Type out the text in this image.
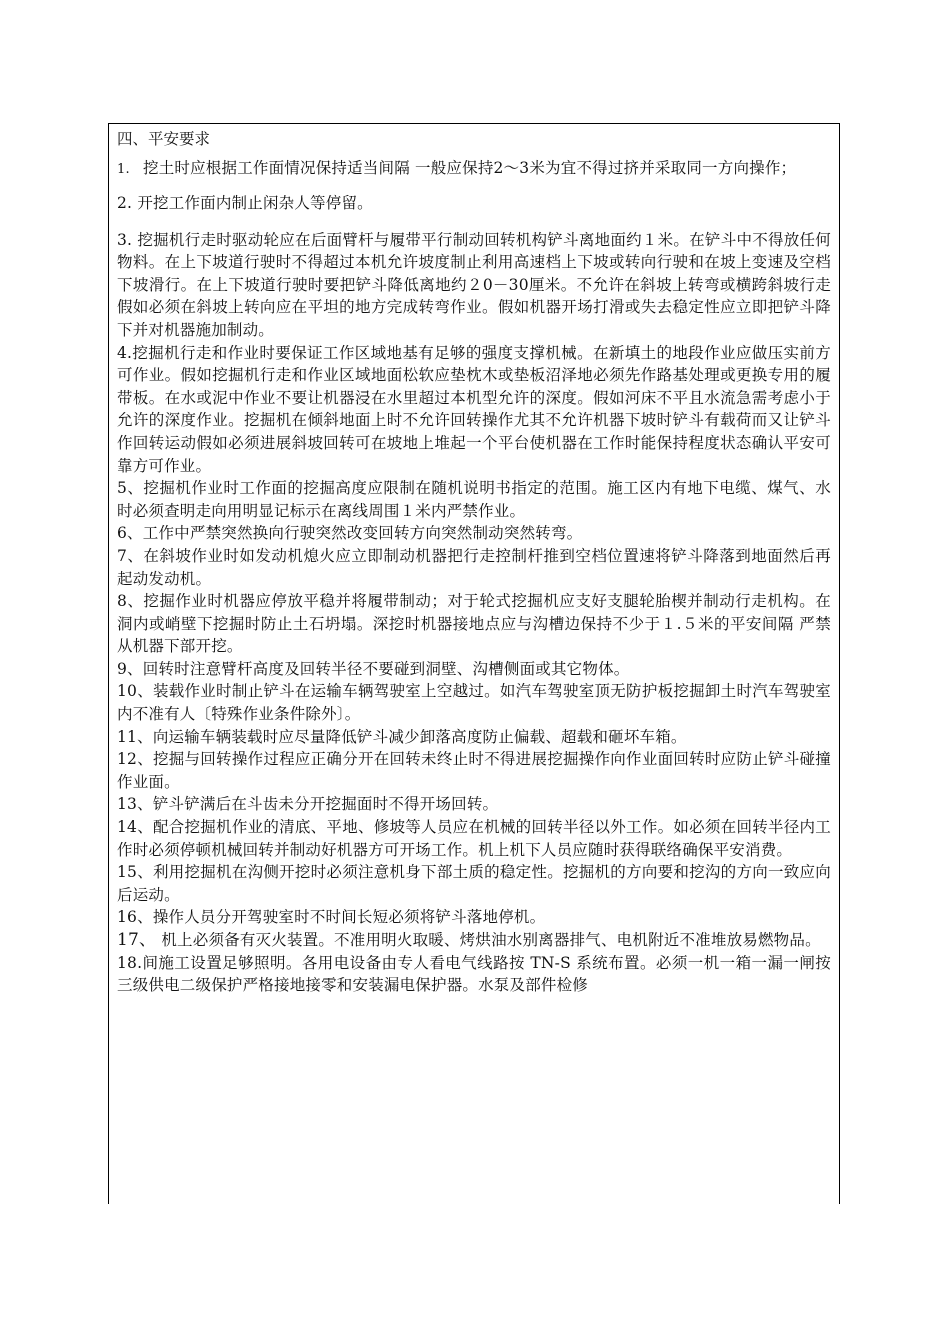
四、平安要求

1. 挖土时应根据工作面情况保持适当间隔 一般应保持2～3米为宜不得过挤并采取同一方向操作；

2. 开挖工作面内制止闲杂人等停留。

3. 挖掘机行走时驱动轮应在后面臂杆与履带平行制动回转机构铲斗离地面约１米。在铲斗中不得放任何物料。在上下坡道行驶时不得超过本机允许坡度制止利用高速档上下坡或转向行驶和在坡上变速及空档下坡滑行。在上下坡道行驶时要把铲斗降低离地约２0－30厘米。不允许在斜坡上转弯或横跨斜坡行走假如必须在斜坡上转向应在平坦的地方完成转弯作业。假如机器开场打滑或失去稳定性应立即把铲斗降下并对机器施加制动。

4.挖掘机行走和作业时要保证工作区域地基有足够的强度支撑机械。在新填土的地段作业应做压实前方可作业。假如挖掘机行走和作业区域地面松软应垫枕木或垫板沼泽地必须先作路基处理或更换专用的履带板。在水或泥中作业不要让机器浸在水里超过本机型允许的深度。假如河床不平且水流急需考虑小于允许的深度作业。挖掘机在倾斜地面上时不允许回转操作尤其不允许机器下坡时铲斗有载荷而又让铲斗作回转运动假如必须进展斜坡回转可在坡地上堆起一个平台使机器在工作时能保持程度状态确认平安可靠方可作业。

5、挖掘机作业时工作面的挖掘高度应限制在随机说明书指定的范围。施工区内有地下电缆、煤气、水时必须查明走向用明显记标示在离线周围１米内严禁作业。

6、工作中严禁突然换向行驶突然改变回转方向突然制动突然转弯。

7、在斜坡作业时如发动机熄火应立即制动机器把行走控制杆推到空档位置速将铲斗降落到地面然后再起动发动机。

8、挖掘作业时机器应停放平稳并将履带制动；对于轮式挖掘机应支好支腿轮胎楔并制动行走机构。在洞内或峭壁下挖掘时防止土石坍塌。深挖时机器接地点应与沟槽边保持不少于１.５米的平安间隔 严禁从机器下部开挖。

9、回转时注意臂杆高度及回转半径不要碰到洞壁、沟槽侧面或其它物体。

10、装载作业时制止铲斗在运输车辆驾驶室上空越过。如汽车驾驶室顶无防护板挖掘卸土时汽车驾驶室内不准有人〔特殊作业条件除外〕。

11、向运输车辆装载时应尽量降低铲斗减少卸落高度防止偏载、超载和砸坏车箱。

12、挖掘与回转操作过程应正确分开在回转未终止时不得进展挖掘操作向作业面回转时应防止铲斗碰撞作业面。

13、铲斗铲满后在斗齿未分开挖掘面时不得开场回转。

14、配合挖掘机作业的清底、平地、修坡等人员应在机械的回转半径以外工作。如必须在回转半径内工作时必须停顿机械回转并制动好机器方可开场工作。机上机下人员应随时获得联络确保平安消费。

15、利用挖掘机在沟侧开挖时必须注意机身下部土质的稳定性。挖掘机的方向要和挖沟的方向一致应向后运动。

16、操作人员分开驾驶室时不时间长短必须将铲斗落地停机。

17、 机上必须备有灭火装置。不准用明火取暖、烤烘油水别离器排气、电机附近不准堆放易燃物品。

18.间施工设置足够照明。各用电设备由专人看电气线路按 TN-S 系统布置。必须一机一箱一漏一闸按三级供电二级保护严格接地接零和安装漏电保护器。水泵及部件检修
